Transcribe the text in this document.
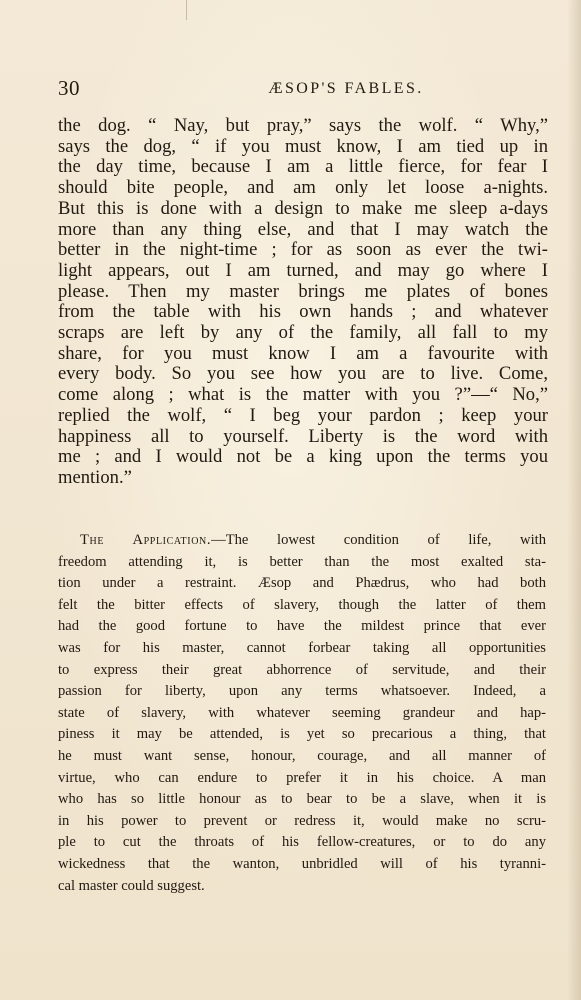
30	ÆSOP'S FABLES.
the dog. “ Nay, but pray,” says the wolf. “ Why,”
says the dog, “ if you must know, I am tied up in
the day time, because I am a little fierce, for fear I
should bite people, and am only let loose a-nights.
But this is done with a design to make me sleep a-days
more than any thing else, and that I may watch the
better in the night-time ; for as soon as ever the twi-
light appears, out I am turned, and may go where I
please. Then my master brings me plates of bones
from the table with his own hands ; and whatever
scraps are left by any of the family, all fall to my
share, for you must know I am a favourite with
every body. So you see how you are to live. Come,
come along ; what is the matter with you ?”—“ No,”
replied the wolf, “ I beg your pardon ; keep your
happiness all to yourself. Liberty is the word with
me ; and I would not be a king upon the terms you
mention.”
The Application.—The lowest condition of life, with
freedom attending it, is better than the most exalted sta-
tion under a restraint. Æsop and Phædrus, who had both
felt the bitter effects of slavery, though the latter of them
had the good fortune to have the mildest prince that ever
was for his master, cannot forbear taking all opportunities
to express their great abhorrence of servitude, and their
passion for liberty, upon any terms whatsoever. Indeed, a
state of slavery, with whatever seeming grandeur and hap-
piness it may be attended, is yet so precarious a thing, that
he must want sense, honour, courage, and all manner of
virtue, who can endure to prefer it in his choice. A man
who has so little honour as to bear to be a slave, when it is
in his power to prevent or redress it, would make no scru-
ple to cut the throats of his fellow-creatures, or to do any
wickedness that the wanton, unbridled will of his tyranni-
cal master could suggest.
